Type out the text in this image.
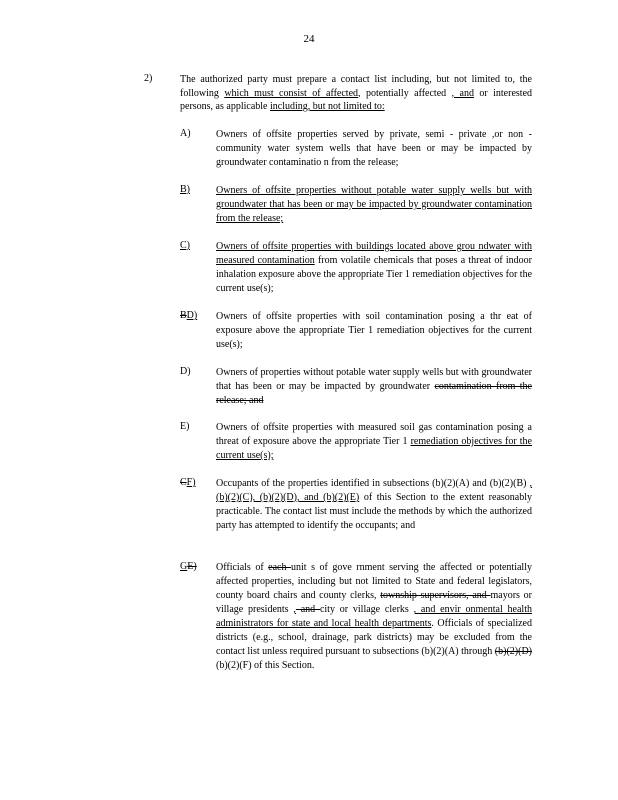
24
2)	The authorized party must prepare a contact list including, but not limited to, the following which must consist of affected, potentially affected , and or interested persons, as applicable including, but not limited to:
A)	Owners of offsite properties served by private, semi - private ,or non -community water system wells that have been or may be impacted by groundwater contaminatio n from the release;
B)	Owners of offsite properties without potable water supply wells but with groundwater that has been or may be impacted by groundwater contamination from the release;
C)	Owners of offsite properties with buildings located above grou ndwater with measured contamination from volatile chemicals that poses a threat of indoor inhalation exposure above the appropriate Tier 1 remediation objectives for the current use(s);
BD) Owners of offsite properties with soil contamination posing a thr eat of exposure above the appropriate Tier 1 remediation objectives for the current use(s);
D)	Owners of properties without potable water supply wells but with groundwater that has been or may be impacted by groundwater contamination from the release; and
E)	Owners of offsite properties with measured soil gas contamination posing a threat of exposure above the appropriate Tier 1 remediation objectives for the current use(s);
CF) Occupants of the properties identified in subsections (b)(2)(A) and (b)(2)(B) , (b)(2)(C), (b)(2)(D), and (b)(2)(E) of this Section to the extent reasonably practicable. The contact list must include the methods by which the authorized party has attempted to identify the occupants; and
GE) Officials of each unit s of gove rnment serving the affected or potentially affected properties, including but not limited to State and federal legislators, county board chairs and county clerks, township supervisors, and mayors or village presidents , and city or village clerks , and envir onmental health administrators for state and local health departments. Officials of specialized districts (e.g., school, drainage, park districts) may be excluded from the contact list unless required pursuant to subsections (b)(2)(A) through (b)(2)(D) (b)(2)(F) of this Section.
